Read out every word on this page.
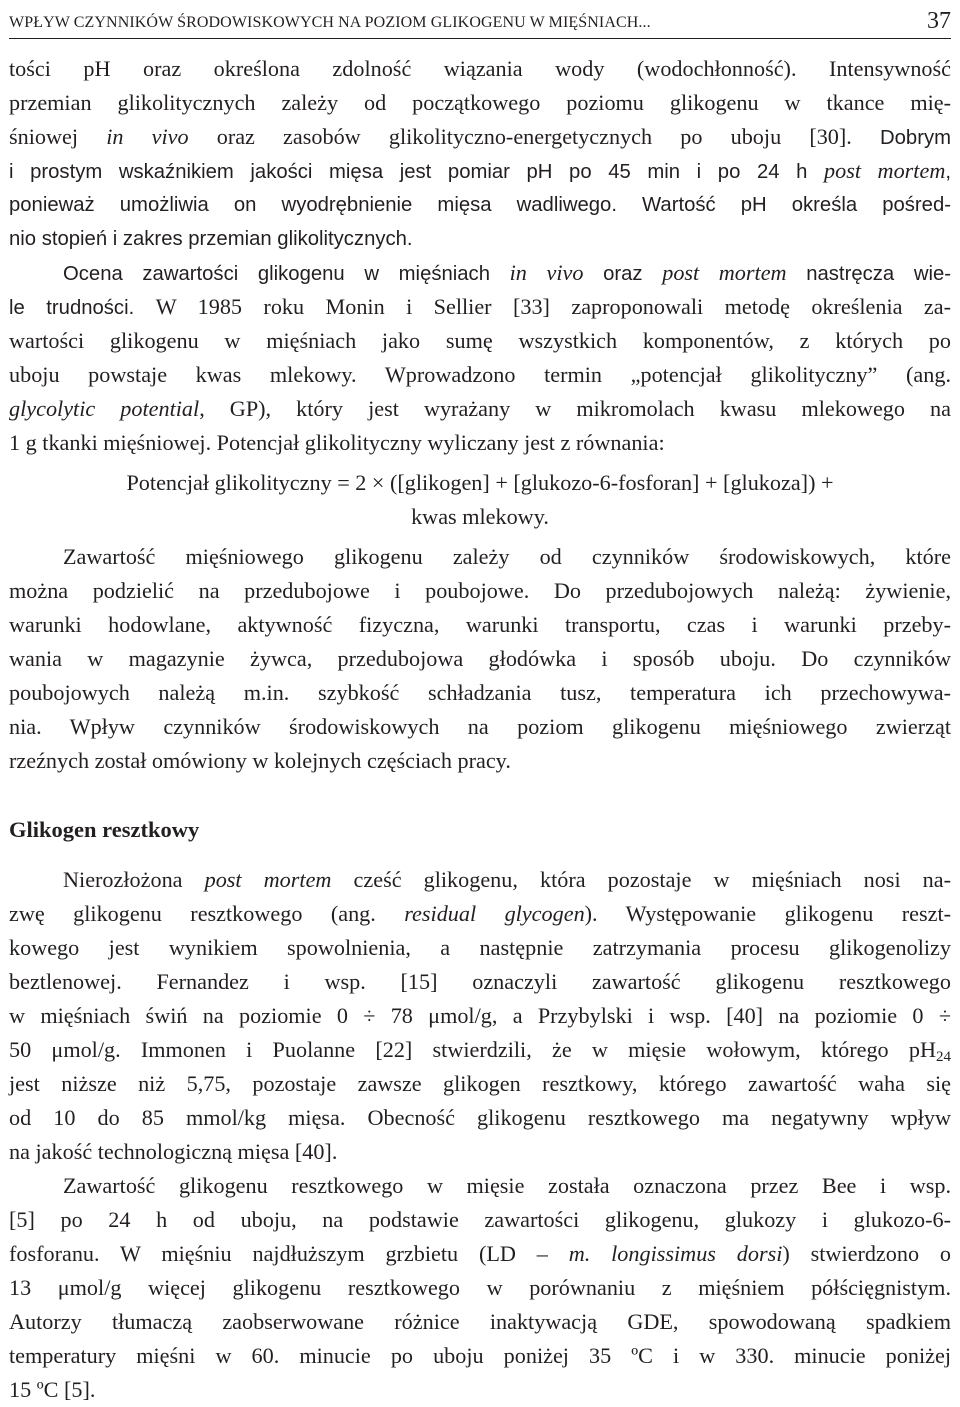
WPŁYW CZYNNIKÓW ŚRODOWISKOWYCH NA POZIOM GLIKOGENU W MIĘŚNIACH...	37
tości pH oraz określona zdolność wiązania wody (wodochłonność). Intensywność
przemian glikolitycznych zależy od początkowego poziomu glikogenu w tkance mię-
śniowej in vivo oraz zasobów glikolityczno-energetycznych po uboju [30]. Dobrym
i prostym wskaźnikiem jakości mięsa jest pomiar pH po 45 min i po 24 h post mortem,
ponieważ umożliwia on wyodrębnienie mięsa wadliwego. Wartość pH określa pośred-
nio stopień i zakres przemian glikolitycznych.
Ocena zawartości glikogenu w mięśniach in vivo oraz post mortem nastręcza wie-
le trudności. W 1985 roku Monin i Sellier [33] zaproponowali metodę określenia za-
wartości glikogenu w mięśniach jako sumę wszystkich komponentów, z których po
uboju powstaje kwas mlekowy. Wprowadzono termin „potencjał glikolityczny” (ang.
glycolytic potential, GP), który jest wyrażany w mikromolach kwasu mlekowego na
1 g tkanki mięśniowej. Potencjał glikolityczny wyliczany jest z równania:
Potencjał glikolityczny = 2 × ([glikogen] + [glukozo-6-fosforan] + [glukoza]) +
kwas mlekowy.
Zawartość mięśniowego glikogenu zależy od czynników środowiskowych, które
można podzielić na przedubojowe i poubojowe. Do przedubojowych należą: żywienie,
warunki hodowlane, aktywność fizyczna, warunki transportu, czas i warunki przeby-
wania w magazynie żywca, przedubojowa głodówka i sposób uboju. Do czynników
poubojowych należą m.in. szybkość schładzania tusz, temperatura ich przechowywa-
nia. Wpływ czynników środowiskowych na poziom glikogenu mięśniowego zwierząt
rzeźnych został omówiony w kolejnych częściach pracy.
Glikogen resztkowy
Nierozłożona post mortem cześć glikogenu, która pozostaje w mięśniach nosi na-
zwę glikogenu resztkowego (ang. residual glycogen). Występowanie glikogenu reszt-
kowego jest wynikiem spowolnienia, a następnie zatrzymania procesu glikogenolizy
beztlenowej. Fernandez i wsp. [15] oznaczyli zawartość glikogenu resztkowego
w mięśniach świń na poziomie 0 ÷ 78 μmol/g, a Przybylski i wsp. [40] na poziomie 0 ÷
50 μmol/g. Immonen i Puolanne [22] stwierdzili, że w mięsie wołowym, którego $pH_{24}$
jest niższe niż 5,75, pozostaje zawsze glikogen resztkowy, którego zawartość waha się
od 10 do 85 mmol/kg mięsa. Obecność glikogenu resztkowego ma negatywny wpływ
na jakość technologiczną mięsa [40].
Zawartość glikogenu resztkowego w mięsie została oznaczona przez Bee i wsp.
[5] po 24 h od uboju, na podstawie zawartości glikogenu, glukozy i glukozo-6-
fosforanu. W mięśniu najdłuższym grzbietu (LD – m. longissimus dorsi) stwierdzono o
13 μmol/g więcej glikogenu resztkowego w porównaniu z mięśniem półścięgnistym.
Autorzy tłumaczą zaobserwowane różnice inaktywacją GDE, spowodowaną spadkiem
temperatury mięśni w 60. minucie po uboju poniżej 35 ºC i w 330. minucie poniżej
15 ºC [5].
